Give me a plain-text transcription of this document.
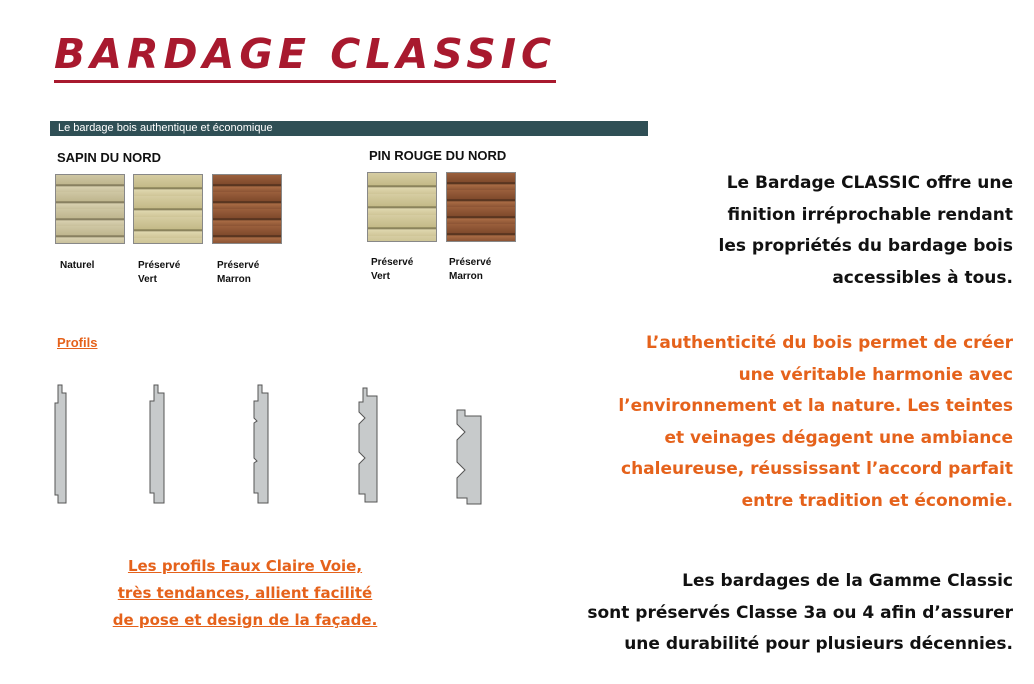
BARDAGE CLASSIC
Le bardage bois authentique et économique
SAPIN DU NORD
Naturel	Préservé
Vert
Préservé
Marron
PIN ROUGE DU NORD
Préservé
Vert
Préservé
Marron
Profils
Les profils Faux Claire Voie,
très tendances, allient facilité
de pose et design de la façade.
Le Bardage CLASSIC offre une
finition irréprochable rendant
les propriétés du bardage bois
accessibles à tous.
L’authenticité du bois permet de créer
une véritable harmonie avec
l’environnement et la nature. Les teintes
et veinages dégagent une ambiance
chaleureuse, réussissant l’accord parfait
entre tradition et économie.
Les bardages de la Gamme Classic
sont préservés Classe 3a ou 4 afin d’assurer
une durabilité pour plusieurs décennies.
